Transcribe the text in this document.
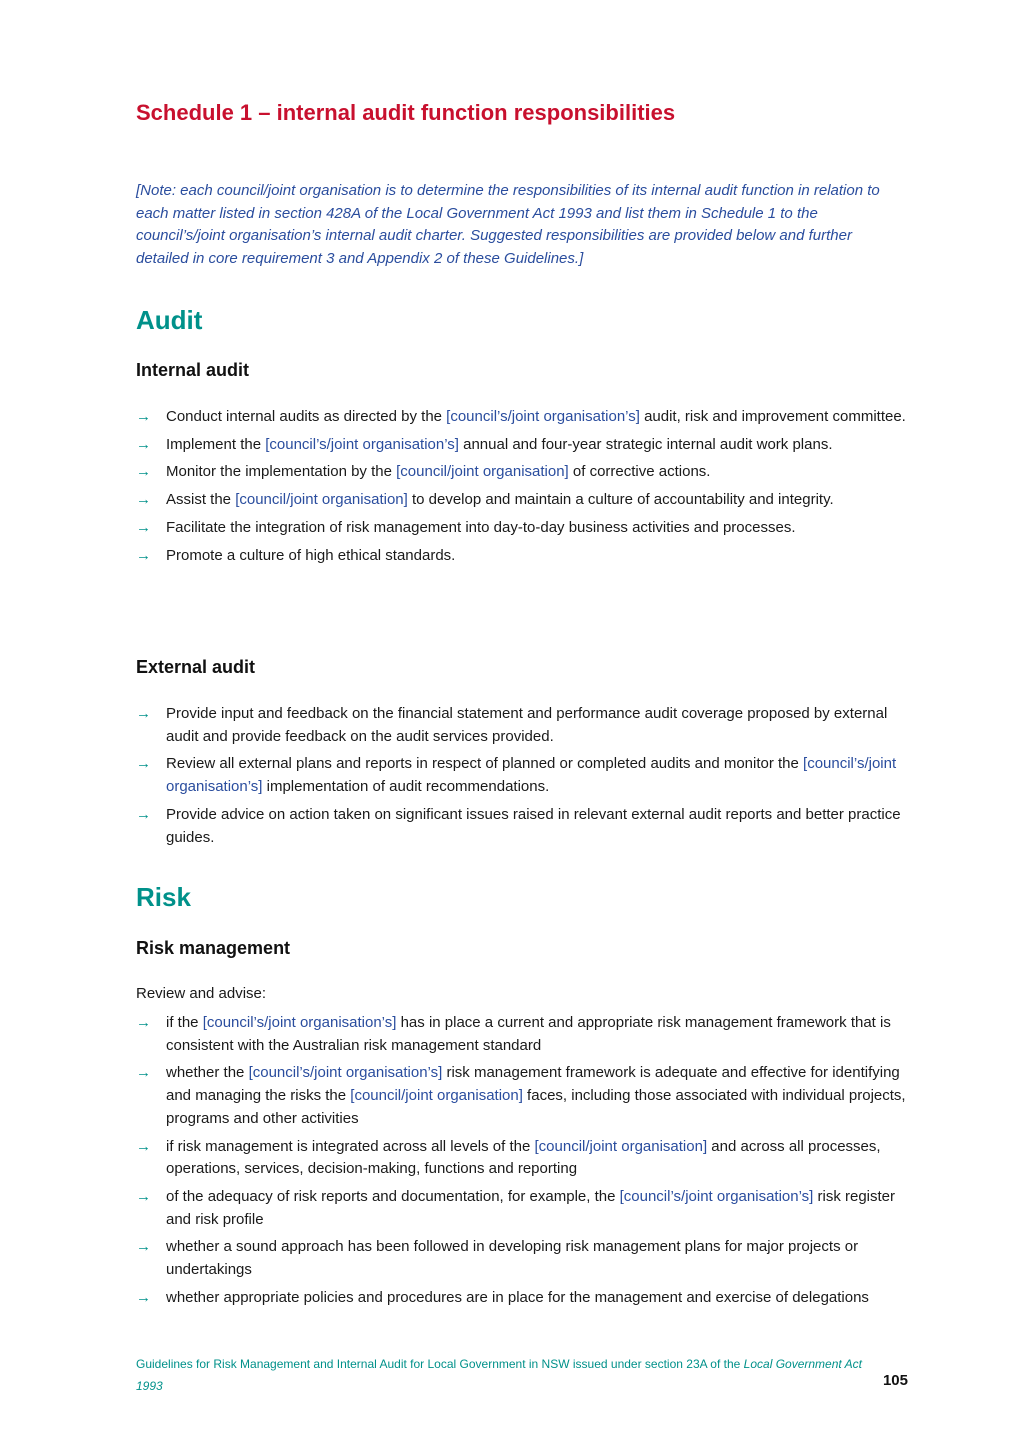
Schedule 1 – internal audit function responsibilities

[Note: each council/joint organisation is to determine the responsibilities of its internal audit function in relation to each matter listed in section 428A of the Local Government Act 1993 and list them in Schedule 1 to the council’s/joint organisation’s internal audit charter. Suggested responsibilities are provided below and further detailed in core requirement 3 and Appendix 2 of these Guidelines.]

Audit
Internal audit
→ Conduct internal audits as directed by the [council’s/joint organisation’s] audit, risk and improvement committee.
→ Implement the [council’s/joint organisation’s] annual and four-year strategic internal audit work plans.
→ Monitor the implementation by the [council/joint organisation] of corrective actions.
→ Assist the [council/joint organisation] to develop and maintain a culture of accountability and integrity.
→ Facilitate the integration of risk management into day-to-day business activities and processes.
→ Promote a culture of high ethical standards.
External audit
→ Provide input and feedback on the financial statement and performance audit coverage proposed by external audit and provide feedback on the audit services provided.
→ Review all external plans and reports in respect of planned or completed audits and monitor the [council’s/joint organisation’s] implementation of audit recommendations.
→ Provide advice on action taken on significant issues raised in relevant external audit reports and better practice guides.
Risk
Risk management

Review and advise:

→ if the [council’s/joint organisation’s] has in place a current and appropriate risk management framework that is consistent with the Australian risk management standard
→ whether the [council’s/joint organisation’s] risk management framework is adequate and effective for identifying and managing the risks the [council/joint organisation] faces, including those associated with individual projects, programs and other activities
→ if risk management is integrated across all levels of the [council/joint organisation] and across all processes, operations, services, decision-making, functions and reporting
→ of the adequacy of risk reports and documentation, for example, the [council’s/joint organisation’s] risk register and risk profile
→ whether a sound approach has been followed in developing risk management plans for major projects or undertakings
→ whether appropriate policies and procedures are in place for the management and exercise of delegations

Guidelines for Risk Management and Internal Audit for Local Government in NSW issued under section 23A of the Local Government Act 1993	105
